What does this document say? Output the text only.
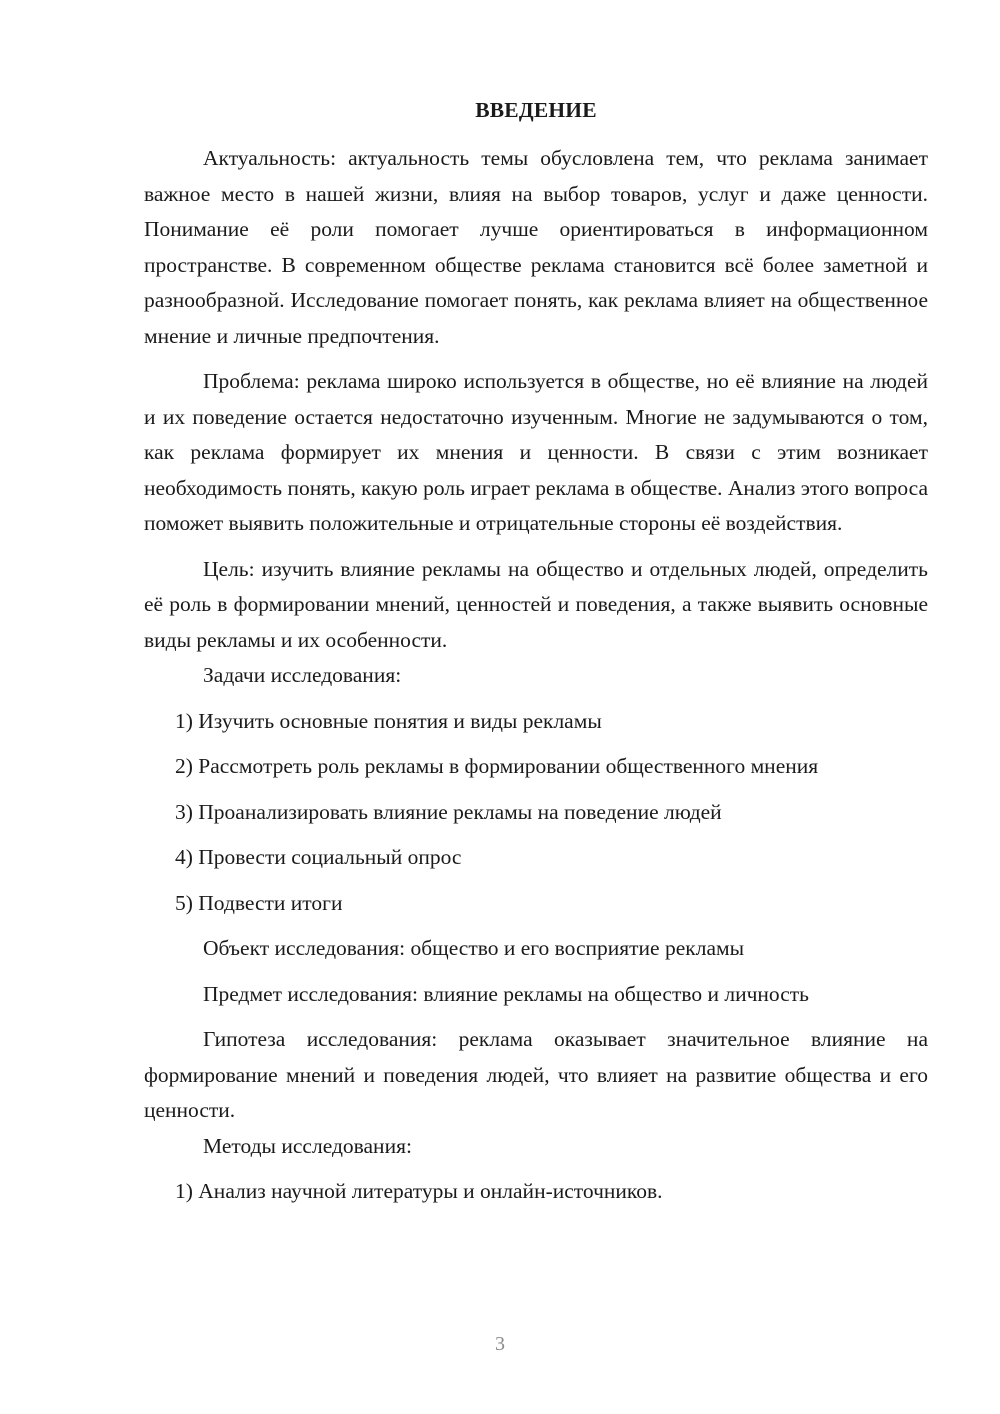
ВВЕДЕНИЕ

Актуальность: актуальность темы обусловлена тем, что реклама занимает важное место в нашей жизни, влияя на выбор товаров, услуг и даже ценности. Понимание её роли помогает лучше ориентироваться в информационном пространстве. В современном обществе реклама становится всё более заметной и разнообразной. Исследование помогает понять, как реклама влияет на общественное мнение и личные предпочтения.

Проблема: реклама широко используется в обществе, но её влияние на людей и их поведение остается недостаточно изученным. Многие не задумываются о том, как реклама формирует их мнения и ценности. В связи с этим возникает необходимость понять, какую роль играет реклама в обществе. Анализ этого вопроса поможет выявить положительные и отрицательные стороны её воздействия.

Цель: изучить влияние рекламы на общество и отдельных людей, определить её роль в формировании мнений, ценностей и поведения, а также выявить основные виды рекламы и их особенности.

Задачи исследования:

1) Изучить основные понятия и виды рекламы

2) Рассмотреть роль рекламы в формировании общественного мнения

3) Проанализировать влияние рекламы на поведение людей

4) Провести социальный опрос

5) Подвести итоги

Объект исследования: общество и его восприятие рекламы

Предмет исследования: влияние рекламы на общество и личность

Гипотеза исследования: реклама оказывает значительное влияние на формирование мнений и поведения людей, что влияет на развитие общества и его ценности.

Методы исследования:

1) Анализ научной литературы и онлайн-источников.

3
